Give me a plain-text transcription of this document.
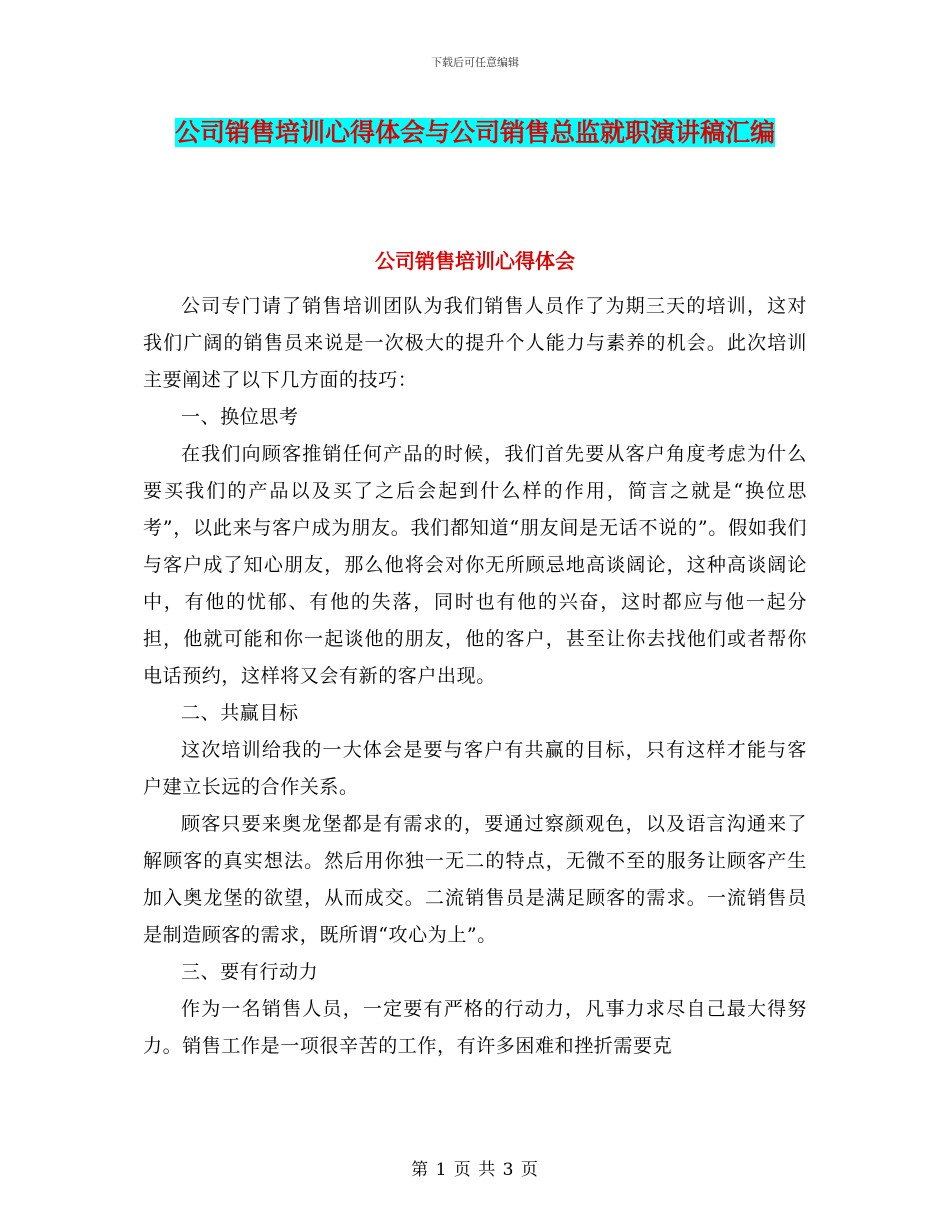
下载后可任意编辑
公司销售培训心得体会与公司销售总监就职演讲稿汇编
公司销售培训心得体会

公司专门请了销售培训团队为我们销售人员作了为期三天的培训，这对我们广阔的销售员来说是一次极大的提升个人能力与素养的机会。此次培训主要阐述了以下几方面的技巧：

一、换位思考

在我们向顾客推销任何产品的时候，我们首先要从客户角度考虑为什么要买我们的产品以及买了之后会起到什么样的作用，简言之就是“换位思考”，以此来与客户成为朋友。我们都知道“朋友间是无话不说的”。假如我们与客户成了知心朋友，那么他将会对你无所顾忌地高谈阔论，这种高谈阔论中，有他的忧郁、有他的失落，同时也有他的兴奋，这时都应与他一起分担，他就可能和你一起谈他的朋友，他的客户，甚至让你去找他们或者帮你电话预约，这样将又会有新的客户出现。

二、共赢目标

这次培训给我的一大体会是要与客户有共赢的目标，只有这样才能与客户建立长远的合作关系。

顾客只要来奥龙堡都是有需求的，要通过察颜观色，以及语言沟通来了解顾客的真实想法。然后用你独一无二的特点，无微不至的服务让顾客产生加入奥龙堡的欲望，从而成交。二流销售员是满足顾客的需求。一流销售员是制造顾客的需求，既所谓“攻心为上”。

三、要有行动力

作为一名销售人员，一定要有严格的行动力，凡事力求尽自己最大得努力。销售工作是一项很辛苦的工作，有许多困难和挫折需要克

第 1 页 共 3 页
